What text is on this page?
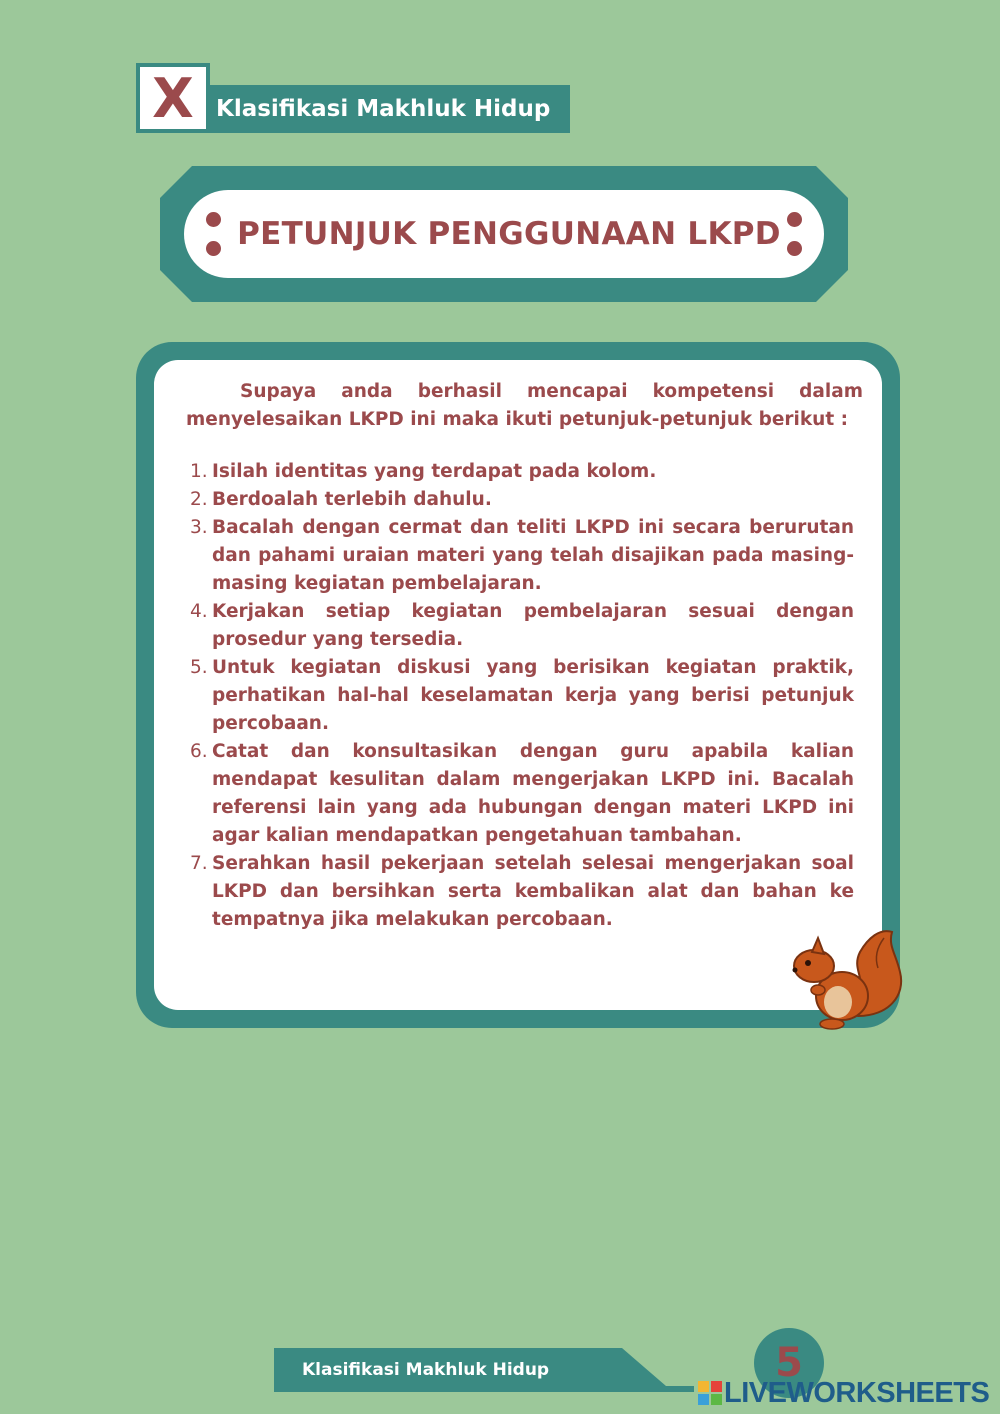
X Klasifikasi Makhluk Hidup
PETUNJUK PENGGUNAAN LKPD
Supaya anda berhasil mencapai kompetensi dalam
menyelesaikan LKPD ini maka ikuti petunjuk-petunjuk berikut :
1. Isilah identitas yang terdapat pada kolom.
2. Berdoalah terlebih dahulu.
3. Bacalah dengan cermat dan teliti LKPD ini secara berurutan dan pahami uraian materi yang telah disajikan pada masing-masing kegiatan pembelajaran.
4. Kerjakan setiap kegiatan pembelajaran sesuai dengan prosedur yang tersedia.
5. Untuk kegiatan diskusi yang berisikan kegiatan praktik, perhatikan hal-hal keselamatan kerja yang berisi petunjuk percobaan.
6. Catat dan konsultasikan dengan guru apabila kalian mendapat kesulitan dalam mengerjakan LKPD ini. Bacalah referensi lain yang ada hubungan dengan materi LKPD ini agar kalian mendapatkan pengetahuan tambahan.
7. Serahkan hasil pekerjaan setelah selesai mengerjakan soal LKPD dan bersihkan serta kembalikan alat dan bahan ke tempatnya jika melakukan percobaan.
Klasifikasi Makhluk Hidup	5
LIVEWORKSHEETS
